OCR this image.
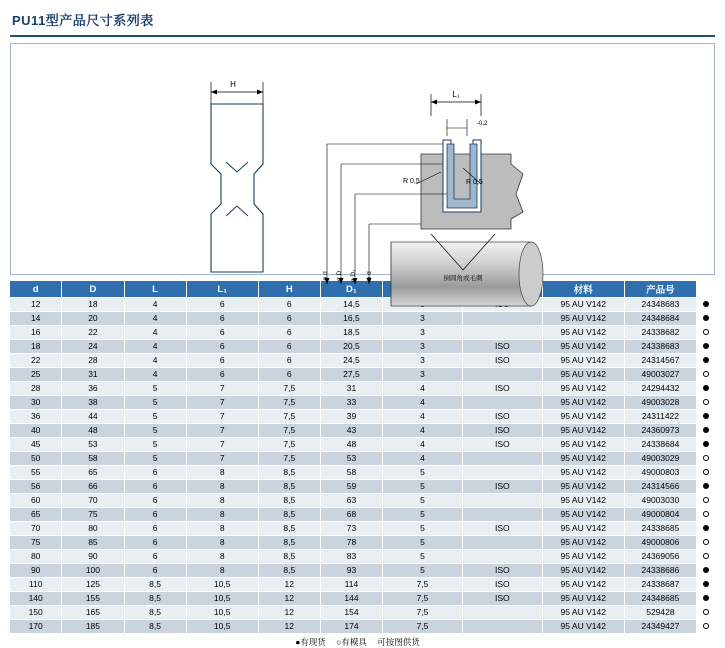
PU11型产品尺寸系列表
H
L₁
-0,2
R 0,5	R 0,5
倒圆角或毛刺
ø d ø D ø D₁ ø d
d	D	L	L₁	H	D₁			材料	产品号	
12	18	4	6	6	14,5			95 AU V142	24348683	
14	20	4	6	6	16,5	3		95 AU V142	24348684	
16	22	4	6	6	18,5	3		95 AU V142	24338682	
18	24	4	6	6	20,5	3	ISO	95 AU V142	24338683	
22	28	4	6	6	24,5	3	ISO	95 AU V142	24314567	
25	31	4	6	6	27,5	3		95 AU V142	49003027	
28	36	5	7	7,5	31	4	ISO	95 AU V142	24294432	
30	38	5	7	7,5	33	4		95 AU V142	49003028	
36	44	5	7	7,5	39	4	ISO	95 AU V142	24311422	
40	48	5	7	7,5	43	4	ISO	95 AU V142	24360973	
45	53	5	7	7,5	48	4	ISO	95 AU V142	24338684	
50	58	5	7	7,5	53	4		95 AU V142	49003029	
55	65	6	8	8,5	58	5		95 AU V142	49000803	
56	66	6	8	8,5	59	5	ISO	95 AU V142	24314566	
60	70	6	8	8,5	63	5		95 AU V142	49003030	
65	75	6	8	8,5	68	5		95 AU V142	49000804	
70	80	6	8	8,5	73	5	ISO	95 AU V142	24338685	
75	85	6	8	8,5	78	5		95 AU V142	49000806	
80	90	6	8	8,5	83	5		95 AU V142	24369056	
90	100	6	8	8,5	93	5	ISO	95 AU V142	24338686	
110	125	8,5	10,5	12	114	7,5	ISO	95 AU V142	24338687	
140	155	8,5	10,5	12	144	7,5	ISO	95 AU V142	24348685	
150	165	8,5	10,5	12	154	7,5		95 AU V142	529428	
170	185	8,5	10,5	12	174	7,5		95 AU V142	24349427	
●有现货 ○有模具 可按图供货
